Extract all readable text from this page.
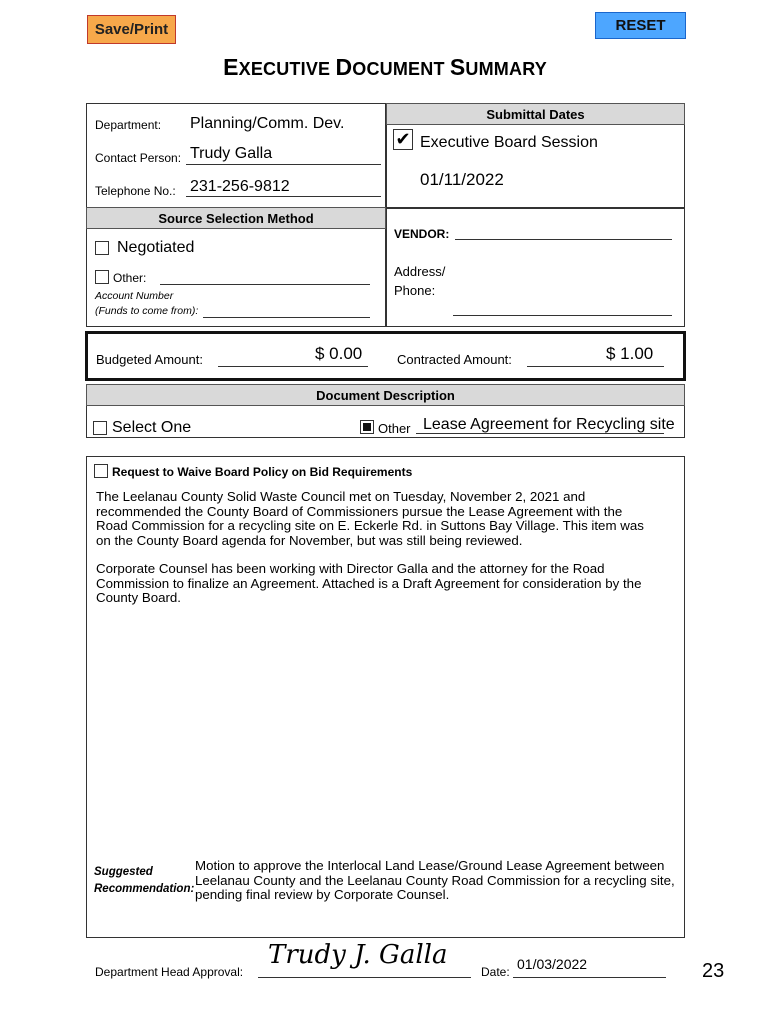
Save/Print	RESET
EXECUTIVE DOCUMENT SUMMARY
Department: Planning/Comm. Dev.
Contact Person: Trudy Galla
Telephone No.: 231-256-9812
Submittal Dates
✔ Executive Board Session
01/11/2022
Source Selection Method
Negotiated
Other:
Account Number
(Funds to come from):
VENDOR:
Address/
Phone:
Budgeted Amount:	$ 0.00	Contracted Amount:	$ 1.00
Document Description
Select One	Other Lease Agreement for Recycling site
Request to Waive Board Policy on Bid Requirements
The Leelanau County Solid Waste Council met on Tuesday, November 2, 2021 and
recommended the County Board of Commissioners pursue the Lease Agreement with the
Road Commission for a recycling site on E. Eckerle Rd. in Suttons Bay Village. This item was
on the County Board agenda for November, but was still being reviewed.
Corporate Counsel has been working with Director Galla and the attorney for the Road
Commission to finalize an Agreement. Attached is a Draft Agreement for consideration by the
County Board.
Suggested
Recommendation:
Motion to approve the Interlocal Land Lease/Ground Lease Agreement between
Leelanau County and the Leelanau County Road Commission for a recycling site,
pending final review by Corporate Counsel.
Department Head Approval:
Trudy J. Galla
Date: 01/03/2022	23
